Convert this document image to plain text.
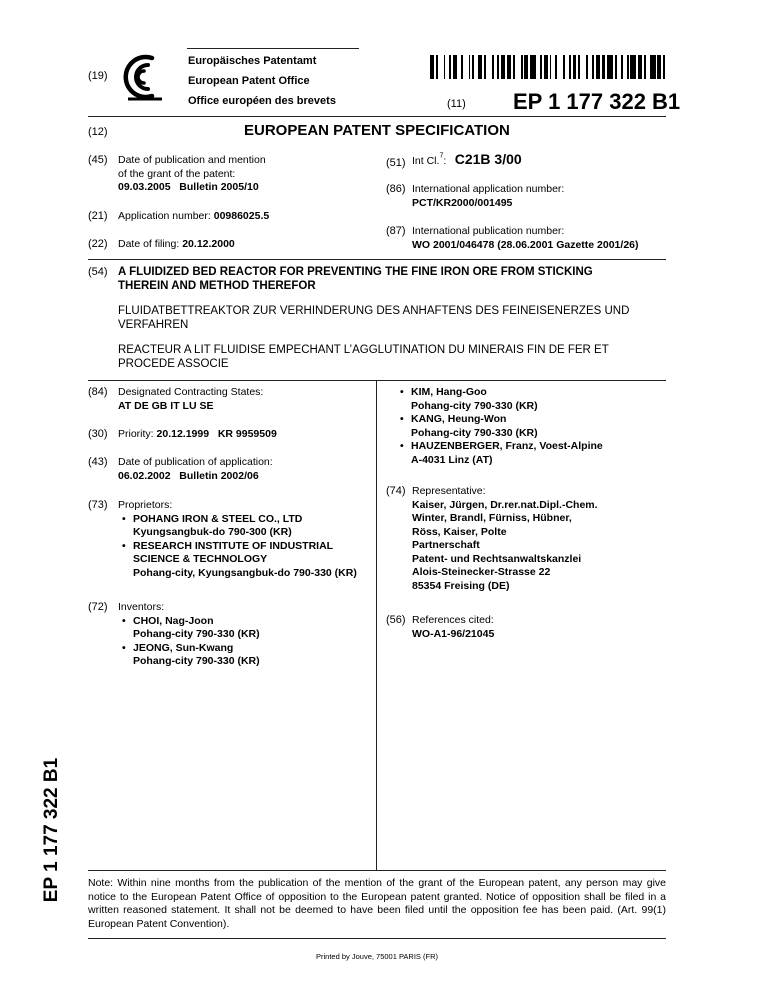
(19)
Europäisches Patentamt
European Patent Office
Office européen des brevets	(11) EP 1 177 322 B1
(12)	EUROPEAN PATENT SPECIFICATION
(45) Date of publication and mention
of the grant of the patent:
09.03.2005   Bulletin 2005/10
(21) Application number: 00986025.5
(22) Date of filing: 20.12.2000
(51) Int Cl.$^7$: C21B 3/00
(86) International application number:
PCT/KR2000/001495
(87) International publication number:
WO 2001/046478 (28.06.2001 Gazette 2001/26)
(54) A FLUIDIZED BED REACTOR FOR PREVENTING THE FINE IRON ORE FROM STICKING THEREIN AND METHOD THEREFOR
FLUIDATBETTREAKTOR ZUR VERHINDERUNG DES ANHAFTENS DES FEINEISENERZES UND VERFAHREN
REACTEUR A LIT FLUIDISE EMPECHANT L’AGGLUTINATION DU MINERAIS FIN DE FER ET PROCEDE ASSOCIE
(84) Designated Contracting States:
AT DE GB IT LU SE
(30) Priority: 20.12.1999   KR 9959509
(43) Date of publication of application:
06.02.2002   Bulletin 2002/06
(73) Proprietors:
• POHANG IRON & STEEL CO., LTD
Kyungsangbuk-do 790-300 (KR)
• RESEARCH INSTITUTE OF INDUSTRIAL
SCIENCE & TECHNOLOGY
Pohang-city, Kyungsangbuk-do 790-330 (KR)
(72) Inventors:
• CHOI, Nag-Joon
Pohang-city 790-330 (KR)
• JEONG, Sun-Kwang
Pohang-city 790-330 (KR)
• KIM, Hang-Goo
Pohang-city 790-330 (KR)
• KANG, Heung-Won
Pohang-city 790-330 (KR)
• HAUZENBERGER, Franz, Voest-Alpine
A-4031 Linz (AT)
(74) Representative:
Kaiser, Jürgen, Dr.rer.nat.Dipl.-Chem.
Winter, Brandl, Fürniss, Hübner,
Röss, Kaiser, Polte
Partnerschaft
Patent- und Rechtsanwaltskanzlei
Alois-Steinecker-Strasse 22
85354 Freising (DE)
(56) References cited:
WO-A1-96/21045
EP 1 177 322 B1 Note: Within nine months from the publication of the mention of the grant of the European patent, any person may give notice to the European Patent Office of opposition to the European patent granted. Notice of opposition shall be filed in a written reasoned statement. It shall not be deemed to have been filed until the opposition fee has been paid. (Art. 99(1) European Patent Convention).
Printed by Jouve, 75001 PARIS (FR)
